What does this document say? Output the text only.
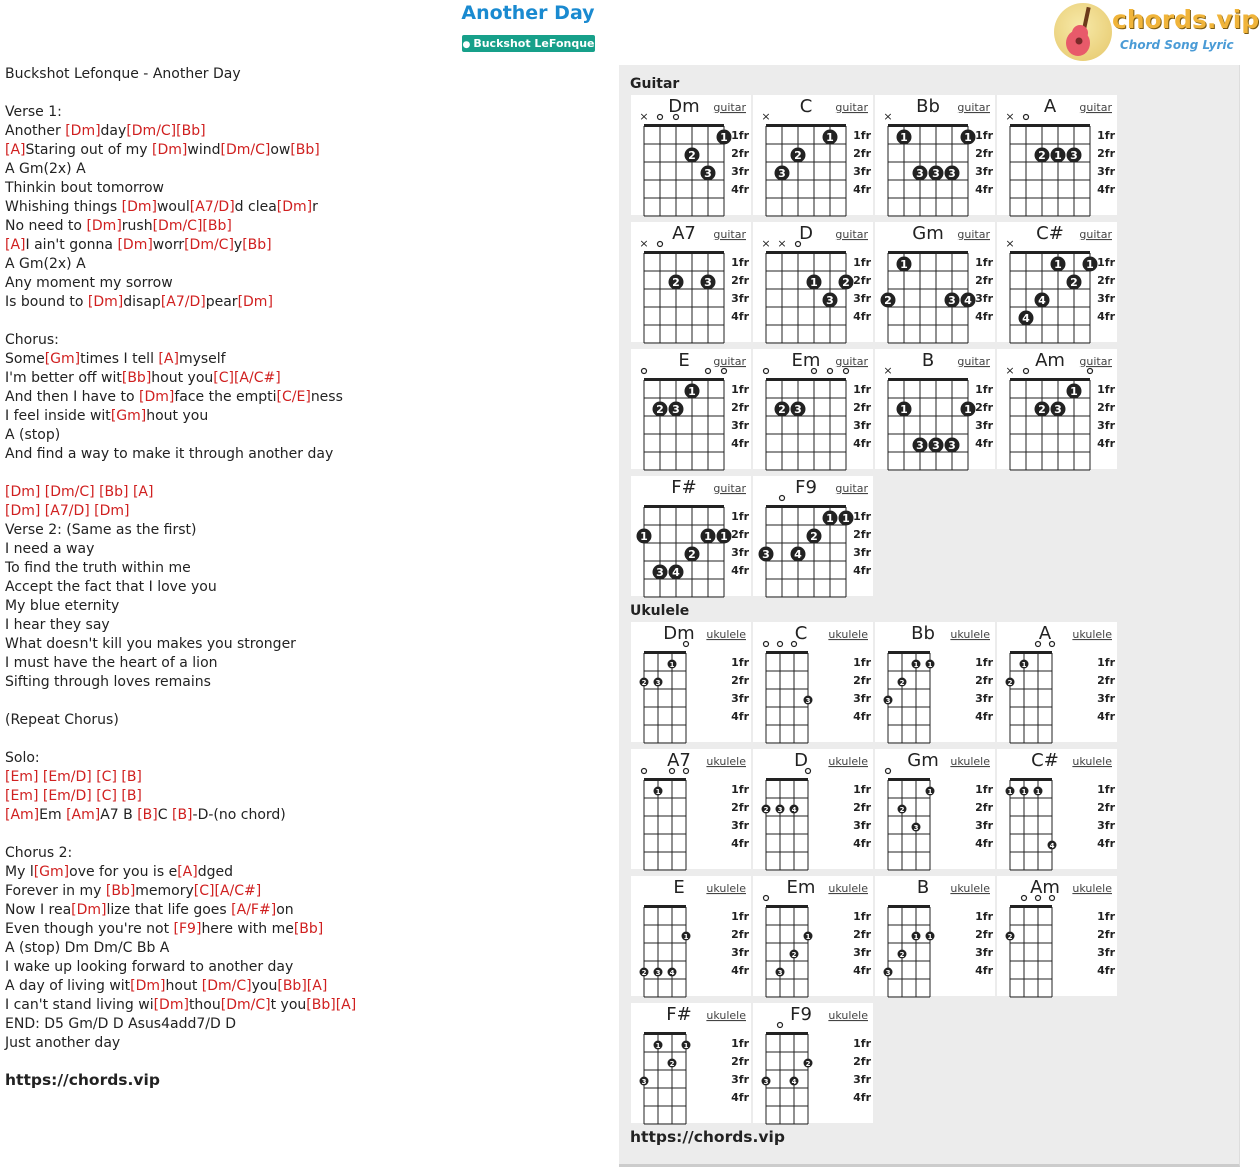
Another Day
● Buckshot LeFonque
chords.vip
Chord Song Lyric
Buckshot Lefonque - Another Day
Verse 1:
Another [Dm]day[Dm/C][Bb]
[A]Staring out of my [Dm]wind[Dm/C]ow[Bb]
A Gm(2x) A
Thinkin bout tomorrow
Whishing things [Dm]woul[A7/D]d clea[Dm]r
No need to [Dm]rush[Dm/C][Bb]
[A]I ain't gonna [Dm]worr[Dm/C]y[Bb]
A Gm(2x) A
Any moment my sorrow
Is bound to [Dm]disap[A7/D]pear[Dm]
Chorus:
Some[Gm]times I tell [A]myself
I'm better off wit[Bb]hout you[C][A/C#]
And then I have to [Dm]face the empti[C/E]ness
I feel inside wit[Gm]hout you
A (stop)
And find a way to make it through another day
[Dm] [Dm/C] [Bb] [A]
[Dm] [A7/D] [Dm]
Verse 2: (Same as the first)
I need a way
To find the truth within me
Accept the fact that I love you
My blue eternity
I hear they say
What doesn't kill you makes you stronger
I must have the heart of a lion
Sifting through loves remains
(Repeat Chorus)
Solo:
[Em] [Em/D] [C] [B]
[Em] [Em/D] [C] [B]
[Am]Em [Am]A7 B [B]C [B]-D-(no chord)
Chorus 2:
My l[Gm]ove for you is e[A]dged
Forever in my [Bb]memory[C][A/C#]
Now I rea[Dm]lize that life goes [A/F#]on
Even though you're not [F9]here with me[Bb]
A (stop) Dm Dm/C Bb A
I wake up looking forward to another day
A day of living wit[Dm]hout [Dm/C]you[Bb][A]
I can't stand living wi[Dm]thou[Dm/C]t you[Bb][A]
END: D5 Gm/D D Asus4add7/D D
Just another day
https://chords.vip
Guitar
Ukulele
https://chords.vip
Dm guitar
1fr
2fr
3fr
4fr
×
2
3
1
C guitar
1fr
2fr
3fr
4fr
×
3
2
1
Bb guitar
1fr
2fr
3fr
4fr
×
1
3 3 3
1
A guitar
1fr
2fr
3fr
4fr
×
2 1 3
A7 guitar
1fr
2fr
3fr
4fr
×
2 3
D guitar
1fr
2fr
3fr
4fr
× ×
1
3
2
Gm guitar
1fr
2fr
3fr
4fr
2
1
3 4
C# guitar
1fr
2fr
3fr
4fr
×
4
4
1
2
1
E guitar
1fr
2fr
3fr
4fr
2 3
1
Em guitar
1fr
2fr
3fr
4fr
2 3
B guitar
1fr
2fr
3fr
4fr
×
1
3 3 3
1
Am guitar
1fr
2fr
3fr
4fr
×
2 3
1
F# guitar
1fr
2fr
3fr
4fr
1
3 4
2
1 1
F9 guitar
1fr
2fr
3fr
4fr
3 4
2
1 1
Dm ukulele
1fr
2fr
3fr
4fr
2 3
1
C ukulele
1fr
2fr
3fr
4fr
3
Bb ukulele
1fr
2fr
3fr
4fr
3
2
1 1
A ukulele
1fr
2fr
3fr
4fr
2
1
A7 ukulele
1fr
2fr
3fr
4fr
1
D ukulele
1fr
2fr
3fr
4fr
2 3 4
Gm ukulele
1fr
2fr
3fr
4fr
2
3
1
C# ukulele
1fr
2fr
3fr
4fr
1 1 1
4
E ukulele
1fr
2fr
3fr
4fr
2 3 4
1
Em ukulele
1fr
2fr
3fr
4fr
3
2
1
B ukulele
1fr
2fr
3fr
4fr
3
2
1 1
Am ukulele
1fr
2fr
3fr
4fr
2
F# ukulele
1fr
2fr
3fr
4fr
3
1
2
1
F9 ukulele
1fr
2fr
3fr
4fr
3	4
2
